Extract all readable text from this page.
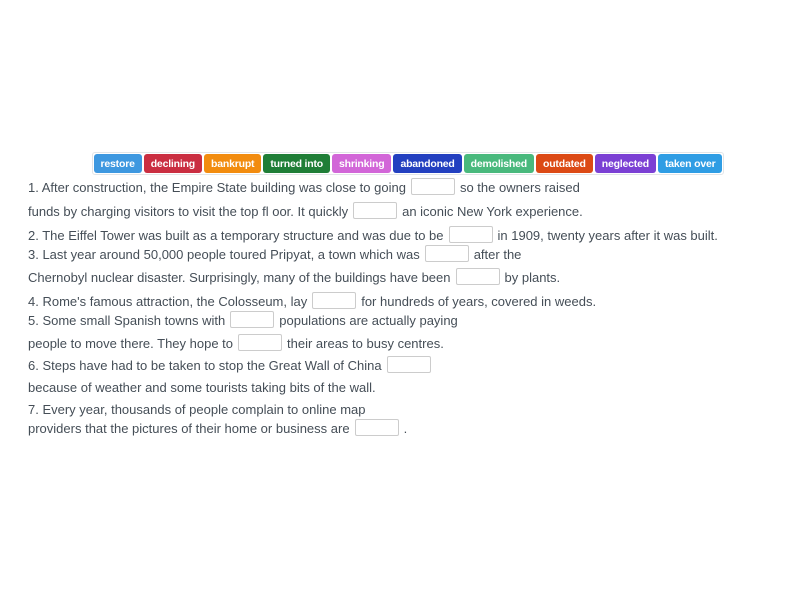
restore	declining	bankrupt	turned into	shrinking	abandoned	demolished	outdated	neglected	taken over
1. After construction, the Empire State building was close to going	so the owners raised
funds by charging visitors to visit the top fl oor. It quickly	an iconic New York experience.
2. The Eiffel Tower was built as a temporary structure and was due to be	in 1909, twenty years after it was built.
3. Last year around 50,000 people toured Pripyat, a town which was	after the
Chernobyl nuclear disaster. Surprisingly, many of the buildings have been	by plants.
4. Rome's famous attraction, the Colosseum, lay	for hundreds of years, covered in weeds.
5. Some small Spanish towns with	populations are actually paying
people to move there. They hope to	their areas to busy centres.
6. Steps have had to be taken to stop the Great Wall of China
because of weather and some tourists taking bits of the wall.
7. Every year, thousands of people complain to online map
providers that the pictures of their home or business are	.
